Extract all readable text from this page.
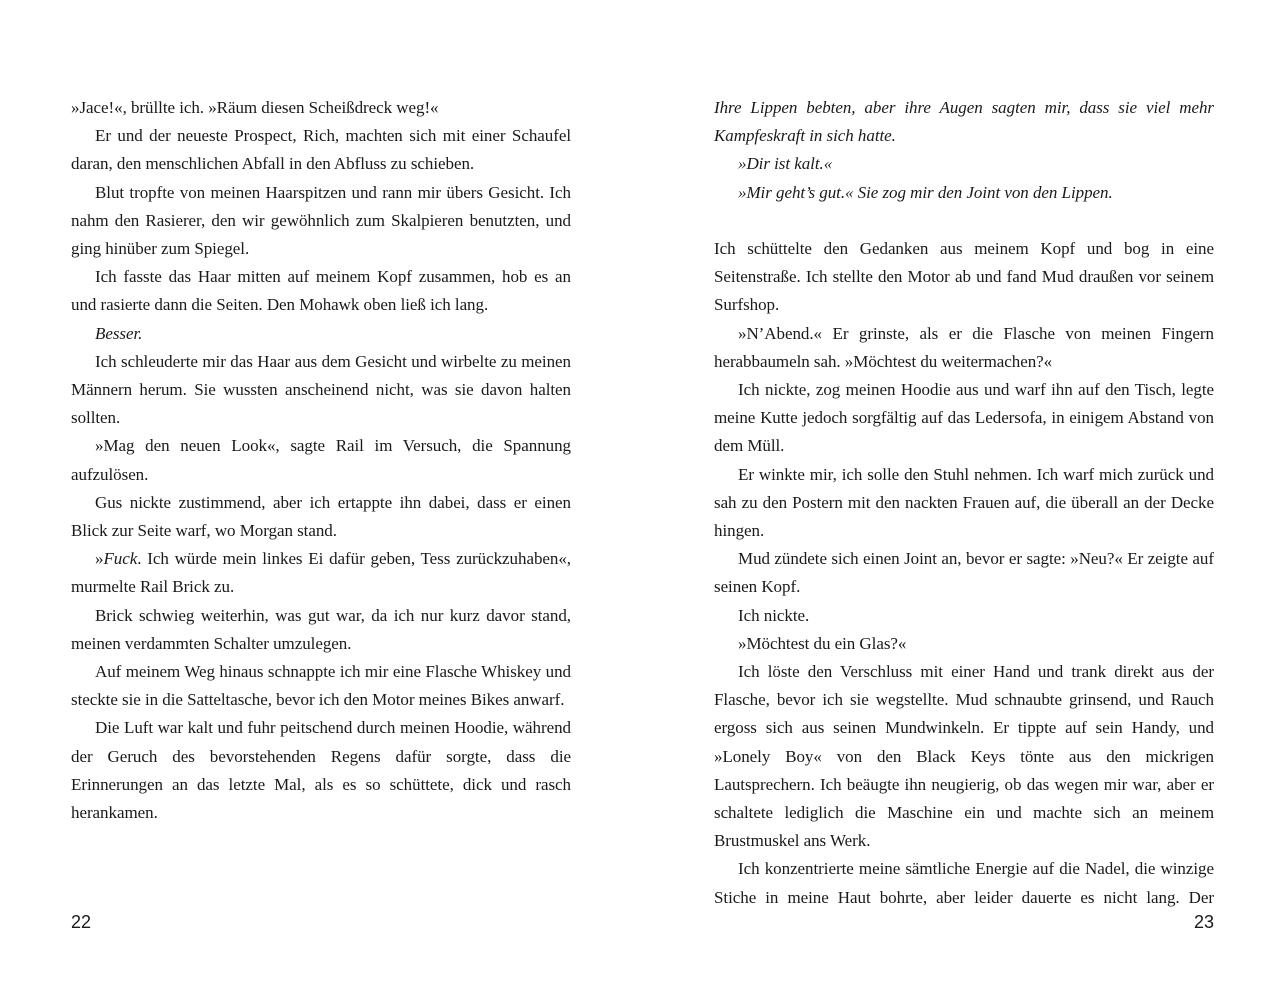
»Jace!«, brüllte ich. »Räum diesen Scheißdreck weg!«

Er und der neueste Prospect, Rich, machten sich mit einer Schaufel daran, den menschlichen Abfall in den Abfluss zu schieben.

Blut tropfte von meinen Haarspitzen und rann mir übers Gesicht. Ich nahm den Rasierer, den wir gewöhnlich zum Skalpieren benutzten, und ging hinüber zum Spiegel.

Ich fasste das Haar mitten auf meinem Kopf zusammen, hob es an und rasierte dann die Seiten. Den Mohawk oben ließ ich lang.

Besser.

Ich schleuderte mir das Haar aus dem Gesicht und wirbelte zu meinen Männern herum. Sie wussten anscheinend nicht, was sie davon halten sollten.

»Mag den neuen Look«, sagte Rail im Versuch, die Spannung aufzulösen.

Gus nickte zustimmend, aber ich ertappte ihn dabei, dass er einen Blick zur Seite warf, wo Morgan stand.

»Fuck. Ich würde mein linkes Ei dafür geben, Tess zurückzuhaben«, murmelte Rail Brick zu.

Brick schwieg weiterhin, was gut war, da ich nur kurz davor stand, meinen verdammten Schalter umzulegen.

Auf meinem Weg hinaus schnappte ich mir eine Flasche Whiskey und steckte sie in die Satteltasche, bevor ich den Motor meines Bikes anwarf.

Die Luft war kalt und fuhr peitschend durch meinen Hoodie, während der Geruch des bevorstehenden Regens dafür sorgte, dass die Erinnerungen an das letzte Mal, als es so schüttete, dick und rasch herankamen.

Ihre Lippen bebten, aber ihre Augen sagten mir, dass sie viel mehr Kampfeskraft in sich hatte.

»Dir ist kalt.«

»Mir geht’s gut.« Sie zog mir den Joint von den Lippen.

Ich schüttelte den Gedanken aus meinem Kopf und bog in eine Seitenstraße. Ich stellte den Motor ab und fand Mud draußen vor seinem Surfshop.

»N’Abend.« Er grinste, als er die Flasche von meinen Fingern herabbaumeln sah. »Möchtest du weitermachen?«

Ich nickte, zog meinen Hoodie aus und warf ihn auf den Tisch, legte meine Kutte jedoch sorgfältig auf das Ledersofa, in einigem Abstand von dem Müll.

Er winkte mir, ich solle den Stuhl nehmen. Ich warf mich zurück und sah zu den Postern mit den nackten Frauen auf, die überall an der Decke hingen.

Mud zündete sich einen Joint an, bevor er sagte: »Neu?« Er zeigte auf seinen Kopf.

Ich nickte.

»Möchtest du ein Glas?«

Ich löste den Verschluss mit einer Hand und trank direkt aus der Flasche, bevor ich sie wegstellte. Mud schnaubte grinsend, und Rauch ergoss sich aus seinen Mundwinkeln. Er tippte auf sein Handy, und »Lonely Boy« von den Black Keys tönte aus den mickrigen Lautsprechern. Ich beäugte ihn neugierig, ob das wegen mir war, aber er schaltete lediglich die Maschine ein und machte sich an meinem Brustmuskel ans Werk.

Ich konzentrierte meine sämtliche Energie auf die Nadel, die winzige Stiche in meine Haut bohrte, aber leider dauerte es nicht lang. Der

22	23
